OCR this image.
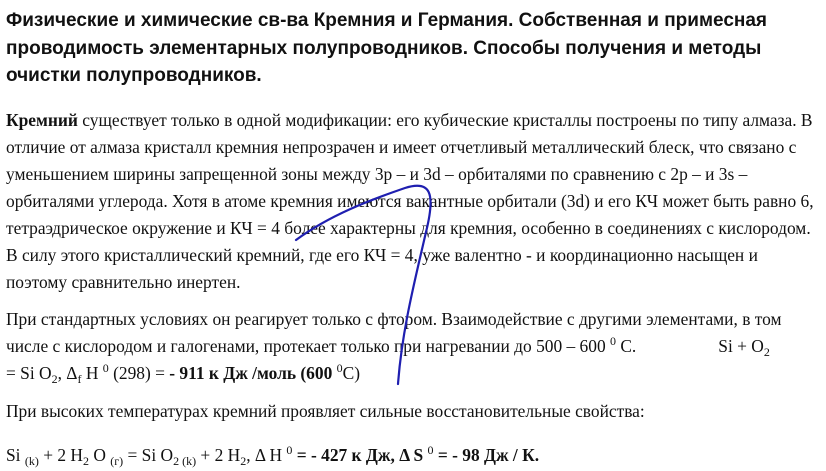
Физические и химические св-ва Кремния и Германия. Собственная и примесная проводимость элементарных полупроводников. Способы получения и методы очистки полупроводников.
Кремний существует только в одной модификации: его кубические кристаллы построены по типу алмаза. В отличие от алмаза кристалл кремния непрозрачен и имеет отчетливый металлический блеск, что связано с уменьшением ширины запрещенной зоны между 3p – и 3d – орбиталями по сравнению с 2p – и 3s – орбиталями углерода. Хотя в атоме кремния имеются вакантные орбитали (3d) и его КЧ может быть равно 6, тетраэдрическое окружение и КЧ = 4 более характерны для кремния, особенно в соединениях с кислородом. В силу этого кристаллический кремний, где его КЧ = 4, уже валентно - и координационно насыщен и поэтому сравнительно инертен.
При стандартных условиях он реагирует только с фтором. Взаимодействие с другими элементами, в том числе с кислородом и галогенами, протекает только при нагревании до 500 – 600 $^0$ C.	$Si + O_2$
= Si $O_2$, $\Delta_f$ H $^0$ (298) = - 911 к Дж /моль (600 $^0$C)
При высоких температурах кремний проявляет сильные восстановительные свойства:
Si $_{(k)}$ + 2 $H_2$ O $_{(г)}$ = Si $O_2$ $_{(k)}$ + 2 $H_2$, Δ H $^0$ = - 427 к Дж, Δ S $^0$ = - 98 Дж / К.
